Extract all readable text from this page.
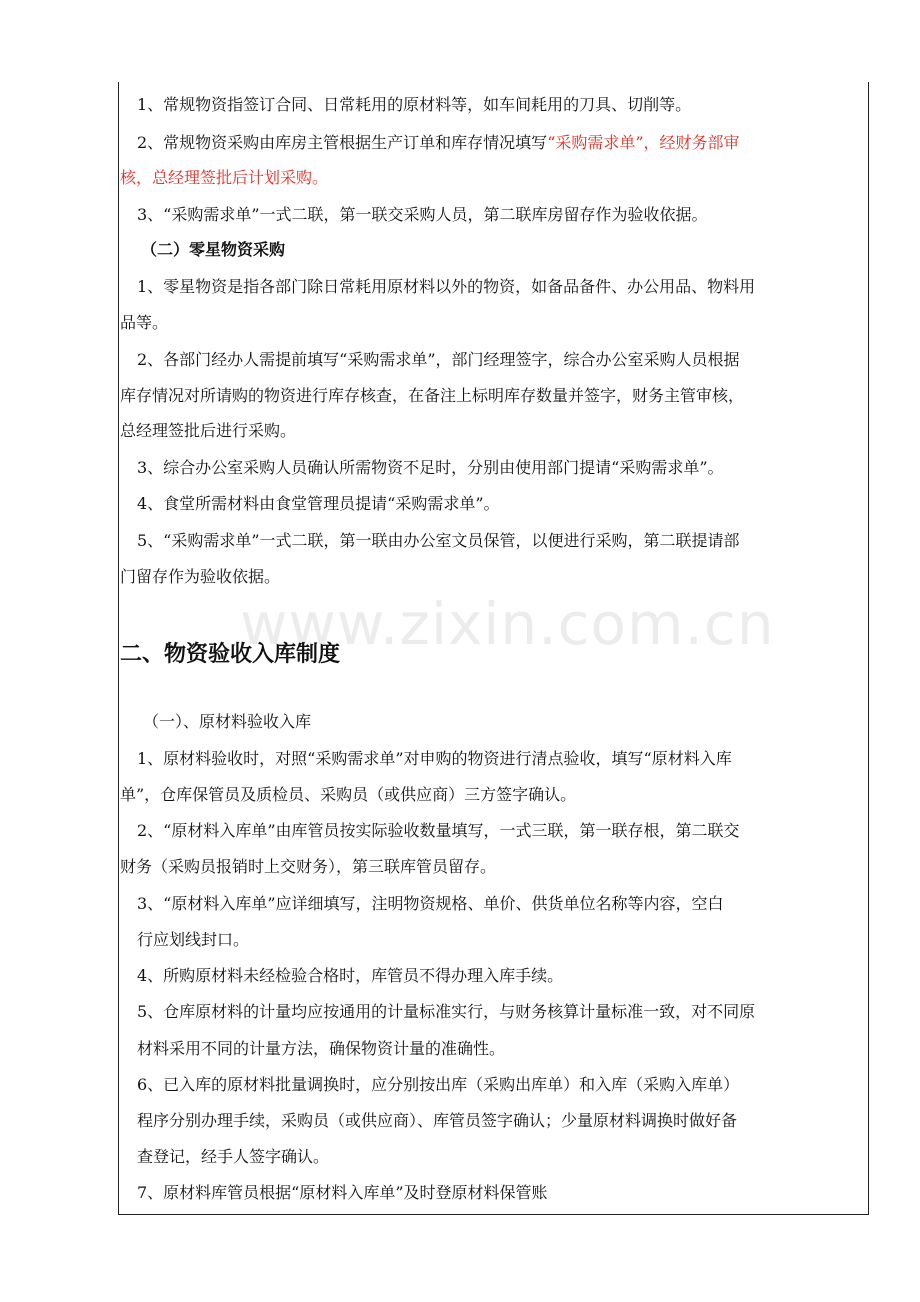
www.zixin.com.cn
1、常规物资指签订合同、日常耗用的原材料等，如车间耗用的刀具、切削等。
2、常规物资采购由库房主管根据生产订单和库存情况填写“采购需求单”，经财务部审
核，总经理签批后计划采购。
3、“采购需求单”一式二联，第一联交采购人员，第二联库房留存作为验收依据。
（二）零星物资采购
1、零星物资是指各部门除日常耗用原材料以外的物资，如备品备件、办公用品、物料用
品等。
2、各部门经办人需提前填写“采购需求单”，部门经理签字，综合办公室采购人员根据
库存情况对所请购的物资进行库存核查，在备注上标明库存数量并签字，财务主管审核，
总经理签批后进行采购。
3、综合办公室采购人员确认所需物资不足时，分别由使用部门提请“采购需求单”。
4、食堂所需材料由食堂管理员提请“采购需求单”。
5、“采购需求单”一式二联，第一联由办公室文员保管，以便进行采购，第二联提请部
门留存作为验收依据。
二、物资验收入库制度
（一）、原材料验收入库
1、原材料验收时，对照“采购需求单”对申购的物资进行清点验收，填写“原材料入库
单”，仓库保管员及质检员、采购员（或供应商）三方签字确认。
2、“原材料入库单”由库管员按实际验收数量填写，一式三联，第一联存根，第二联交
财务（采购员报销时上交财务），第三联库管员留存。
3、“原材料入库单”应详细填写，注明物资规格、单价、供货单位名称等内容，空白
行应划线封口。
4、所购原材料未经检验合格时，库管员不得办理入库手续。
5、仓库原材料的计量均应按通用的计量标准实行，与财务核算计量标准一致，对不同原
材料采用不同的计量方法，确保物资计量的准确性。
6、已入库的原材料批量调换时，应分别按出库（采购出库单）和入库（采购入库单）
程序分别办理手续，采购员（或供应商）、库管员签字确认；少量原材料调换时做好备
查登记，经手人签字确认。
7、原材料库管员根据“原材料入库单”及时登原材料保管账
